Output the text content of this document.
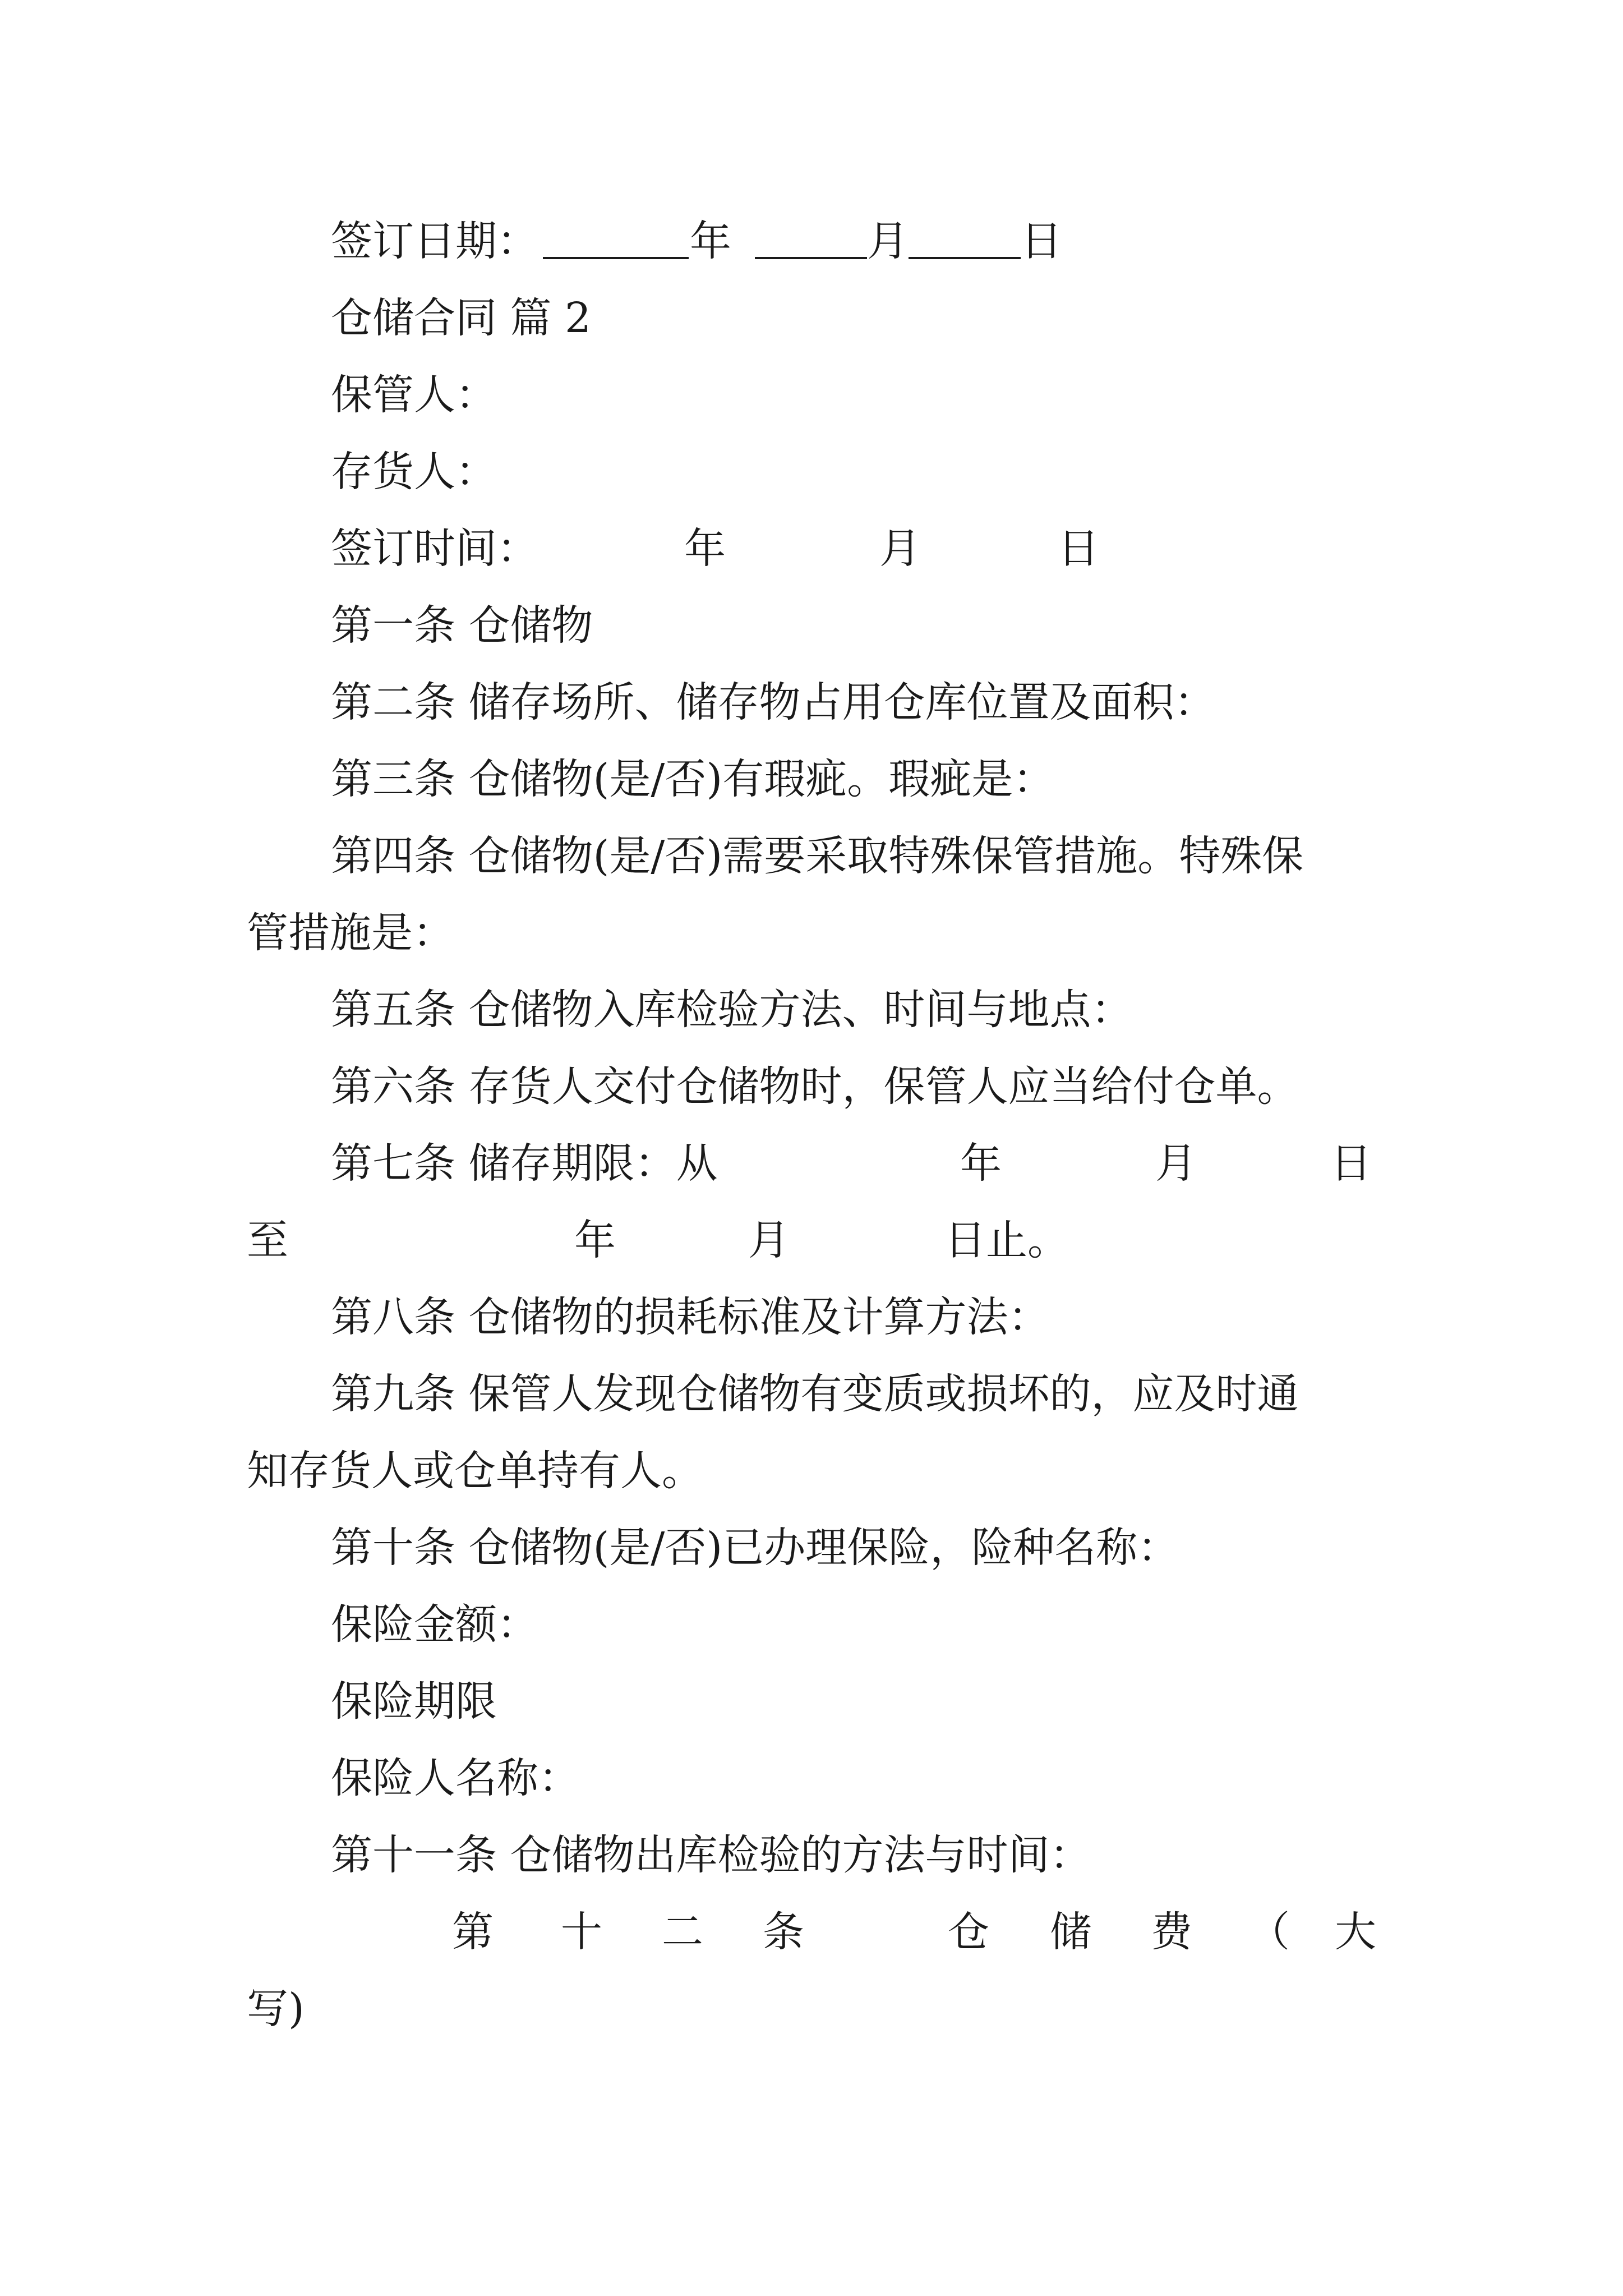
签订日期：	年	月	日
仓储合同 篇 2
保管人：
存货人：
签订时间：	年	月	日
第一条 仓储物
第二条 储存场所、储存物占用仓库位置及面积：
第三条 仓储物(是/否)有瑕疵。瑕疵是：
第四条 仓储物(是/否)需要采取特殊保管措施。特殊保
管措施是：
第五条 仓储物入库检验方法、时间与地点：
第六条 存货人交付仓储物时，保管人应当给付仓单。
第七条 储存期限：从	年	月	日
至	年	月	日止。
第八条 仓储物的损耗标准及计算方法：
第九条 保管人发现仓储物有变质或损坏的，应及时通
知存货人或仓单持有人。
第十条 仓储物(是/否)已办理保险，险种名称：
保险金额：
保险期限
保险人名称：
第十一条 仓储物出库检验的方法与时间：
第 十 二 条	仓 储 费 （ 大
写)
